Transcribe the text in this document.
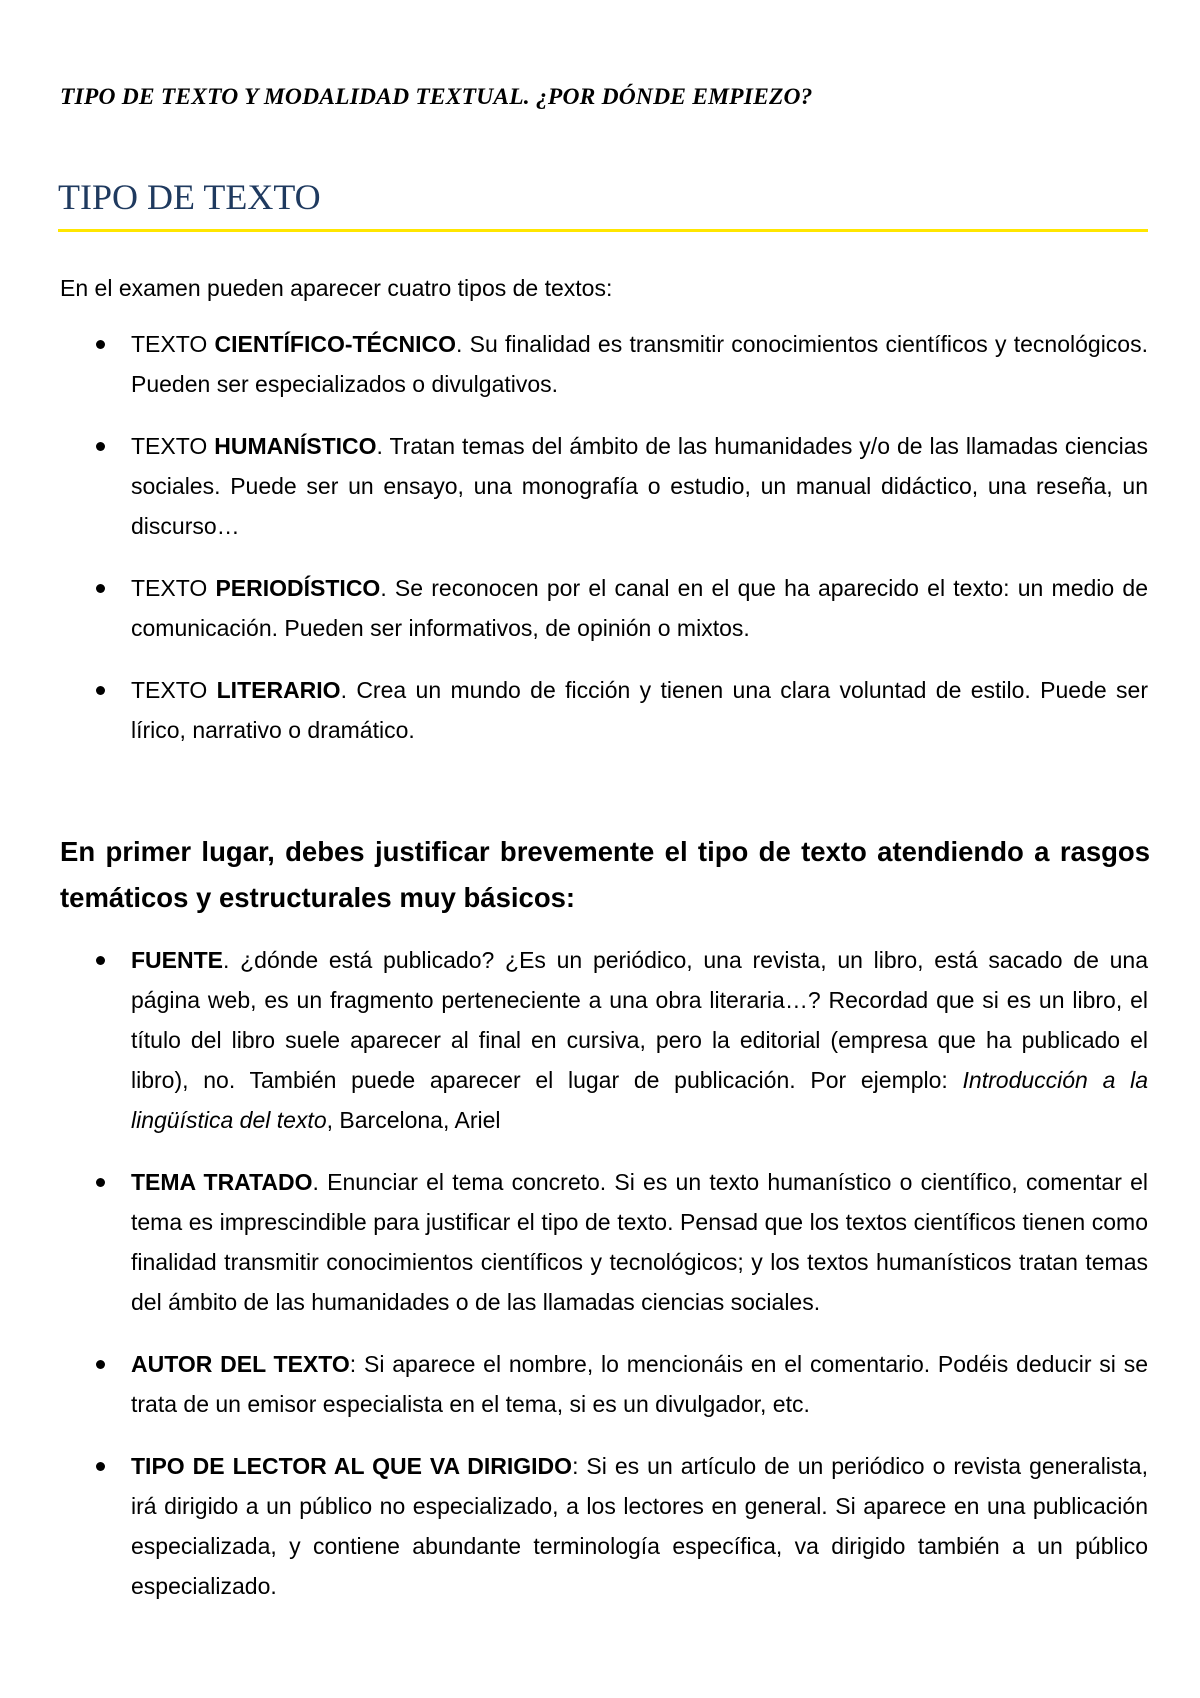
TIPO DE TEXTO Y MODALIDAD TEXTUAL. ¿POR DÓNDE EMPIEZO?
TIPO DE TEXTO
En el examen pueden aparecer cuatro tipos de textos:
TEXTO CIENTÍFICO-TÉCNICO. Su finalidad es transmitir conocimientos científicos y tecnológicos. Pueden ser especializados o divulgativos.
TEXTO HUMANÍSTICO. Tratan temas del ámbito de las humanidades y/o de las llamadas ciencias sociales. Puede ser un ensayo, una monografía o estudio, un manual didáctico, una reseña, un discurso…
TEXTO PERIODÍSTICO. Se reconocen por el canal en el que ha aparecido el texto: un medio de comunicación. Pueden ser informativos, de opinión o mixtos.
TEXTO LITERARIO. Crea un mundo de ficción y tienen una clara voluntad de estilo. Puede ser lírico, narrativo o dramático.
En primer lugar, debes justificar brevemente el tipo de texto atendiendo a rasgos temáticos y estructurales muy básicos:
FUENTE. ¿dónde está publicado? ¿Es un periódico, una revista, un libro, está sacado de una página web, es un fragmento perteneciente a una obra literaria…? Recordad que si es un libro, el título del libro suele aparecer al final en cursiva, pero la editorial (empresa que ha publicado el libro), no. También puede aparecer el lugar de publicación. Por ejemplo: Introducción a la lingüística del texto, Barcelona, Ariel
TEMA TRATADO. Enunciar el tema concreto. Si es un texto humanístico o científico, comentar el tema es imprescindible para justificar el tipo de texto. Pensad que los textos científicos tienen como finalidad transmitir conocimientos científicos y tecnológicos; y los textos humanísticos tratan temas del ámbito de las humanidades o de las llamadas ciencias sociales.
AUTOR DEL TEXTO: Si aparece el nombre, lo mencionáis en el comentario. Podéis deducir si se trata de un emisor especialista en el tema, si es un divulgador, etc.
TIPO DE LECTOR AL QUE VA DIRIGIDO: Si es un artículo de un periódico o revista generalista, irá dirigido a un público no especializado, a los lectores en general. Si aparece en una publicación especializada, y contiene abundante terminología específica, va dirigido también a un público especializado.
